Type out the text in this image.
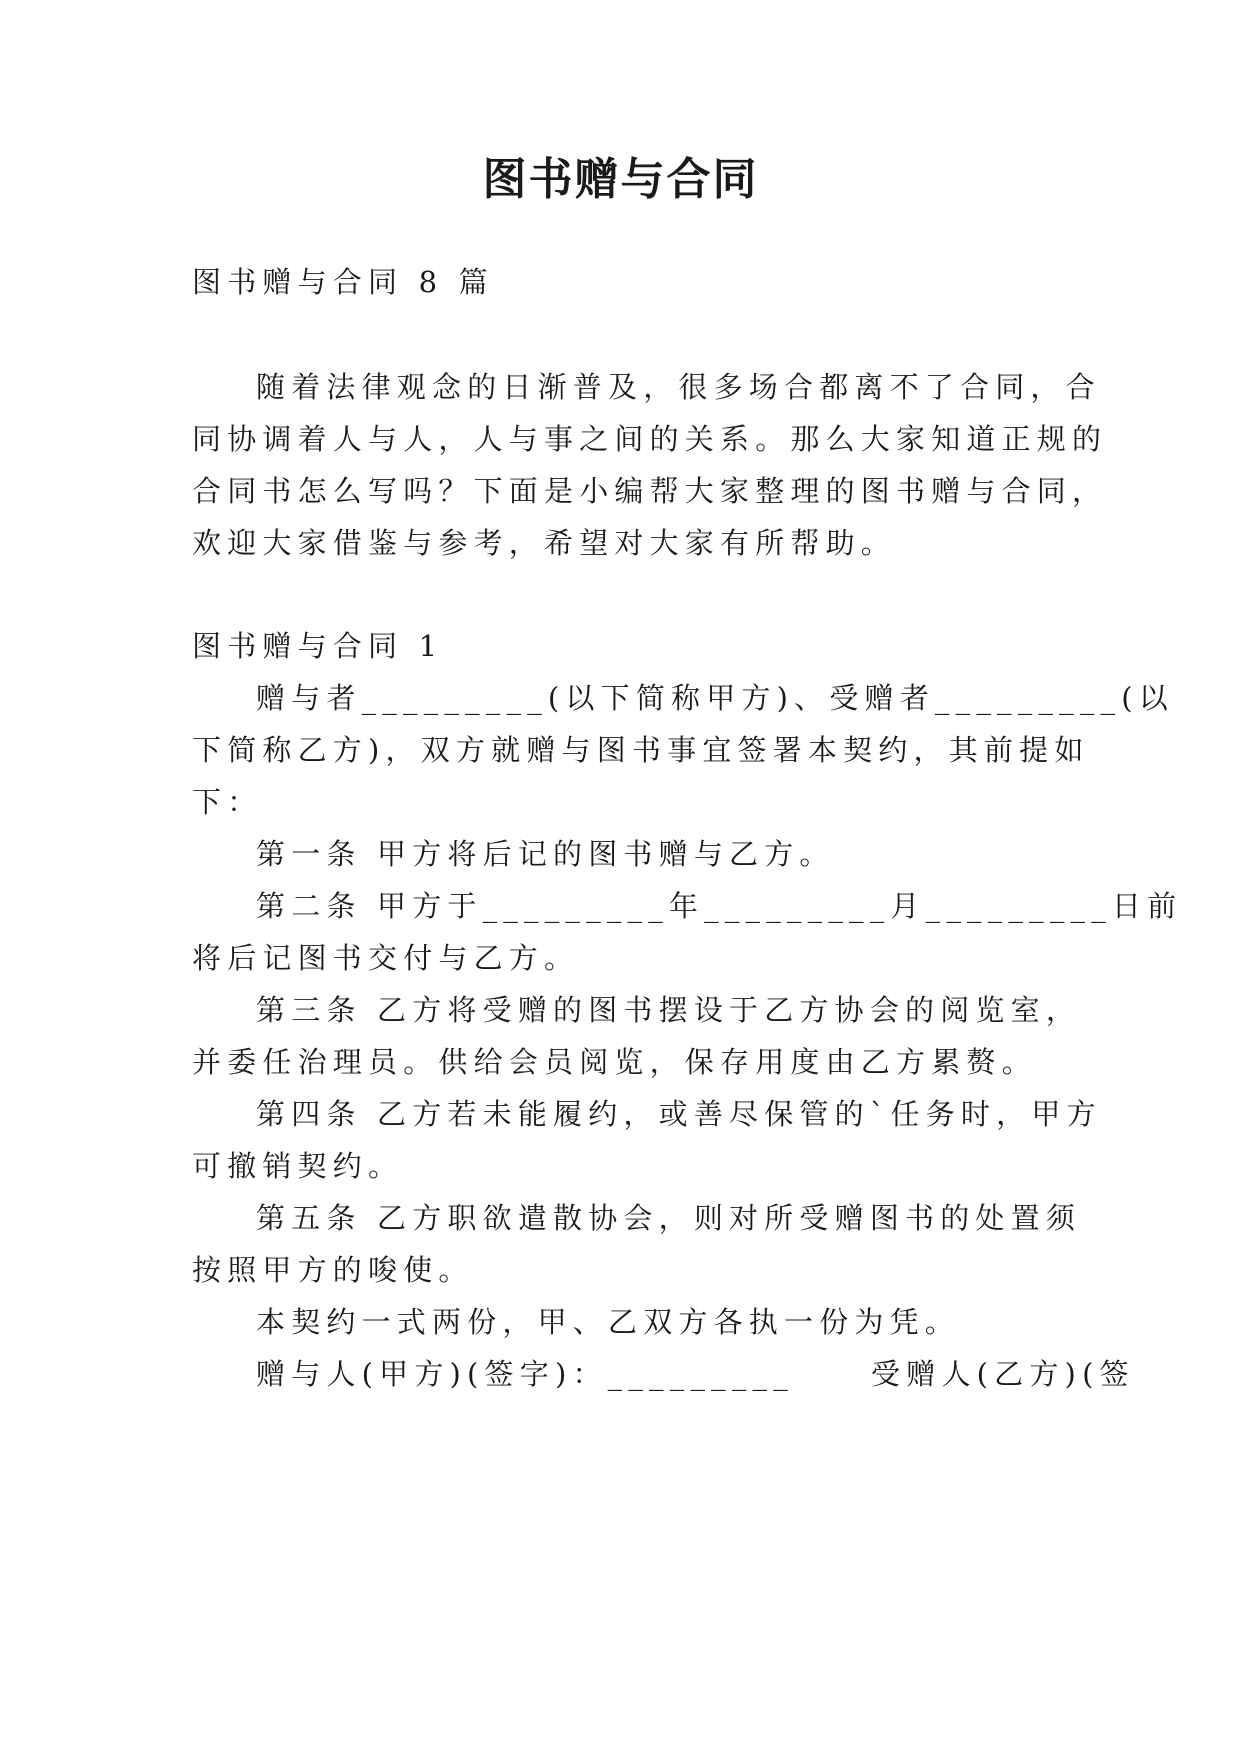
图书赠与合同
图书赠与合同 8 篇
随着法律观念的日渐普及，很多场合都离不了合同，合
同协调着人与人，人与事之间的关系。那么大家知道正规的
合同书怎么写吗？下面是小编帮大家整理的图书赠与合同，
欢迎大家借鉴与参考，希望对大家有所帮助。
图书赠与合同 1
赠与者_________(以下简称甲方)、受赠者_________(以
下简称乙方)，双方就赠与图书事宜签署本契约，其前提如
下：
第一条 甲方将后记的图书赠与乙方。
第二条 甲方于_________年_________月_________日前
将后记图书交付与乙方。
第三条 乙方将受赠的图书摆设于乙方协会的阅览室，
并委任治理员。供给会员阅览，保存用度由乙方累赘。
第四条 乙方若未能履约，或善尽保管的`任务时，甲方
可撤销契约。
第五条 乙方职欲遣散协会，则对所受赠图书的处置须
按照甲方的唆使。
本契约一式两份，甲、乙双方各执一份为凭。
赠与人(甲方)(签字)：_________     受赠人(乙方)(签
